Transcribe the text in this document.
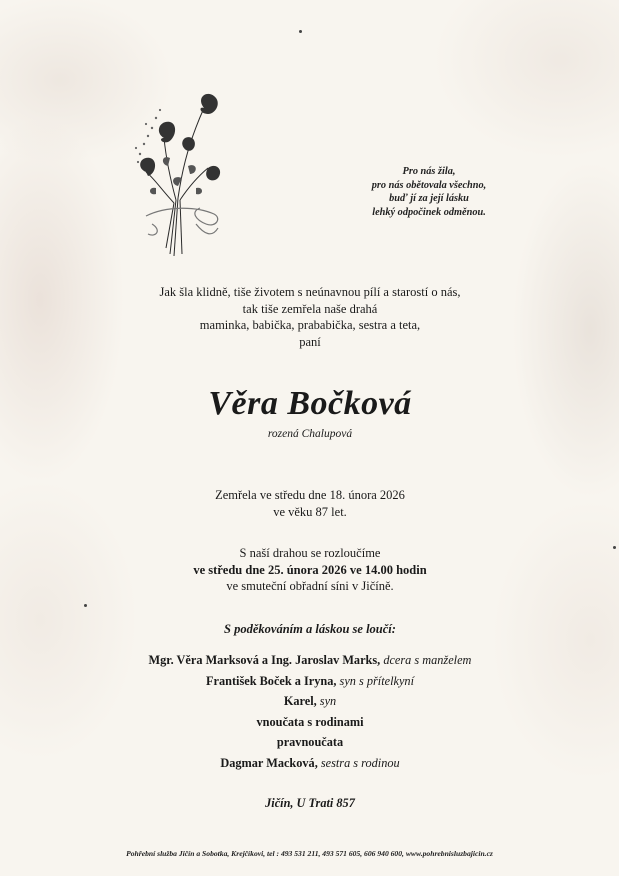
Pro nás žila,
pro nás obětovala všechno,
buď jí za její lásku
lehký odpočinek odměnou.
Jak šla klidně, tiše životem s neúnavnou pílí a starostí o nás,
tak tiše zemřela naše drahá
maminka, babička, prababička, sestra a teta,
paní
Věra Bočková
rozená Chalupová
Zemřela ve středu dne 18. února 2026
ve věku 87 let.
S naší drahou se rozloučíme
ve středu dne 25. února 2026 ve 14.00 hodin
ve smuteční obřadní síni v Jičíně.
S poděkováním a láskou se loučí:
Mgr. Věra Marksová a Ing. Jaroslav Marks, dcera s manželem
František Boček a Iryna, syn s přítelkyní
Karel, syn
vnoučata s rodinami
pravnoučata
Dagmar Macková, sestra s rodinou
Jičín, U Trati 857
Pohřební služba Jičín a Sobotka, Krejčíkovi, tel : 493 531 211, 493 571 605, 606 940 600, www.pohrebnisluzbajicin.cz
